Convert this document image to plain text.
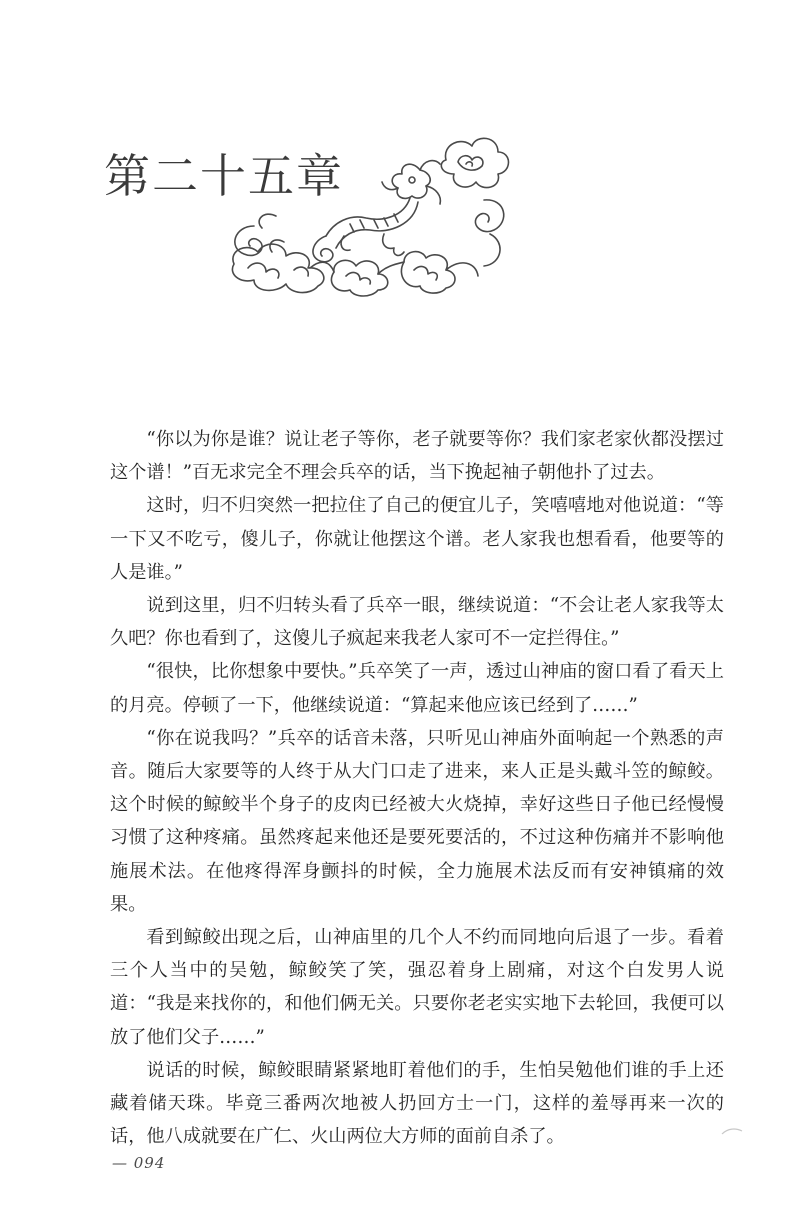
第二十五章

“你以为你是谁？说让老子等你，老子就要等你？我们家老家伙都没摆过这个谱！”百无求完全不理会兵卒的话，当下挽起袖子朝他扑了过去。

这时，归不归突然一把拉住了自己的便宜儿子，笑嘻嘻地对他说道：“等一下又不吃亏，傻儿子，你就让他摆这个谱。老人家我也想看看，他要等的人是谁。”

说到这里，归不归转头看了兵卒一眼，继续说道：“不会让老人家我等太久吧？你也看到了，这傻儿子疯起来我老人家可不一定拦得住。”

“很快，比你想象中要快。”兵卒笑了一声，透过山神庙的窗口看了看天上的月亮。停顿了一下，他继续说道：“算起来他应该已经到了……”

“你在说我吗？”兵卒的话音未落，只听见山神庙外面响起一个熟悉的声音。随后大家要等的人终于从大门口走了进来，来人正是头戴斗笠的鲸鲛。这个时候的鲸鲛半个身子的皮肉已经被大火烧掉，幸好这些日子他已经慢慢习惯了这种疼痛。虽然疼起来他还是要死要活的，不过这种伤痛并不影响他施展术法。在他疼得浑身颤抖的时候，全力施展术法反而有安神镇痛的效果。

看到鲸鲛出现之后，山神庙里的几个人不约而同地向后退了一步。看着三个人当中的吴勉，鲸鲛笑了笑，强忍着身上剧痛，对这个白发男人说道：“我是来找你的，和他们俩无关。只要你老老实实地下去轮回，我便可以放了他们父子……”

说话的时候，鲸鲛眼睛紧紧地盯着他们的手，生怕吴勉他们谁的手上还藏着储天珠。毕竟三番两次地被人扔回方士一门，这样的羞辱再来一次的话，他八成就要在广仁、火山两位大方师的面前自杀了。

— 094
